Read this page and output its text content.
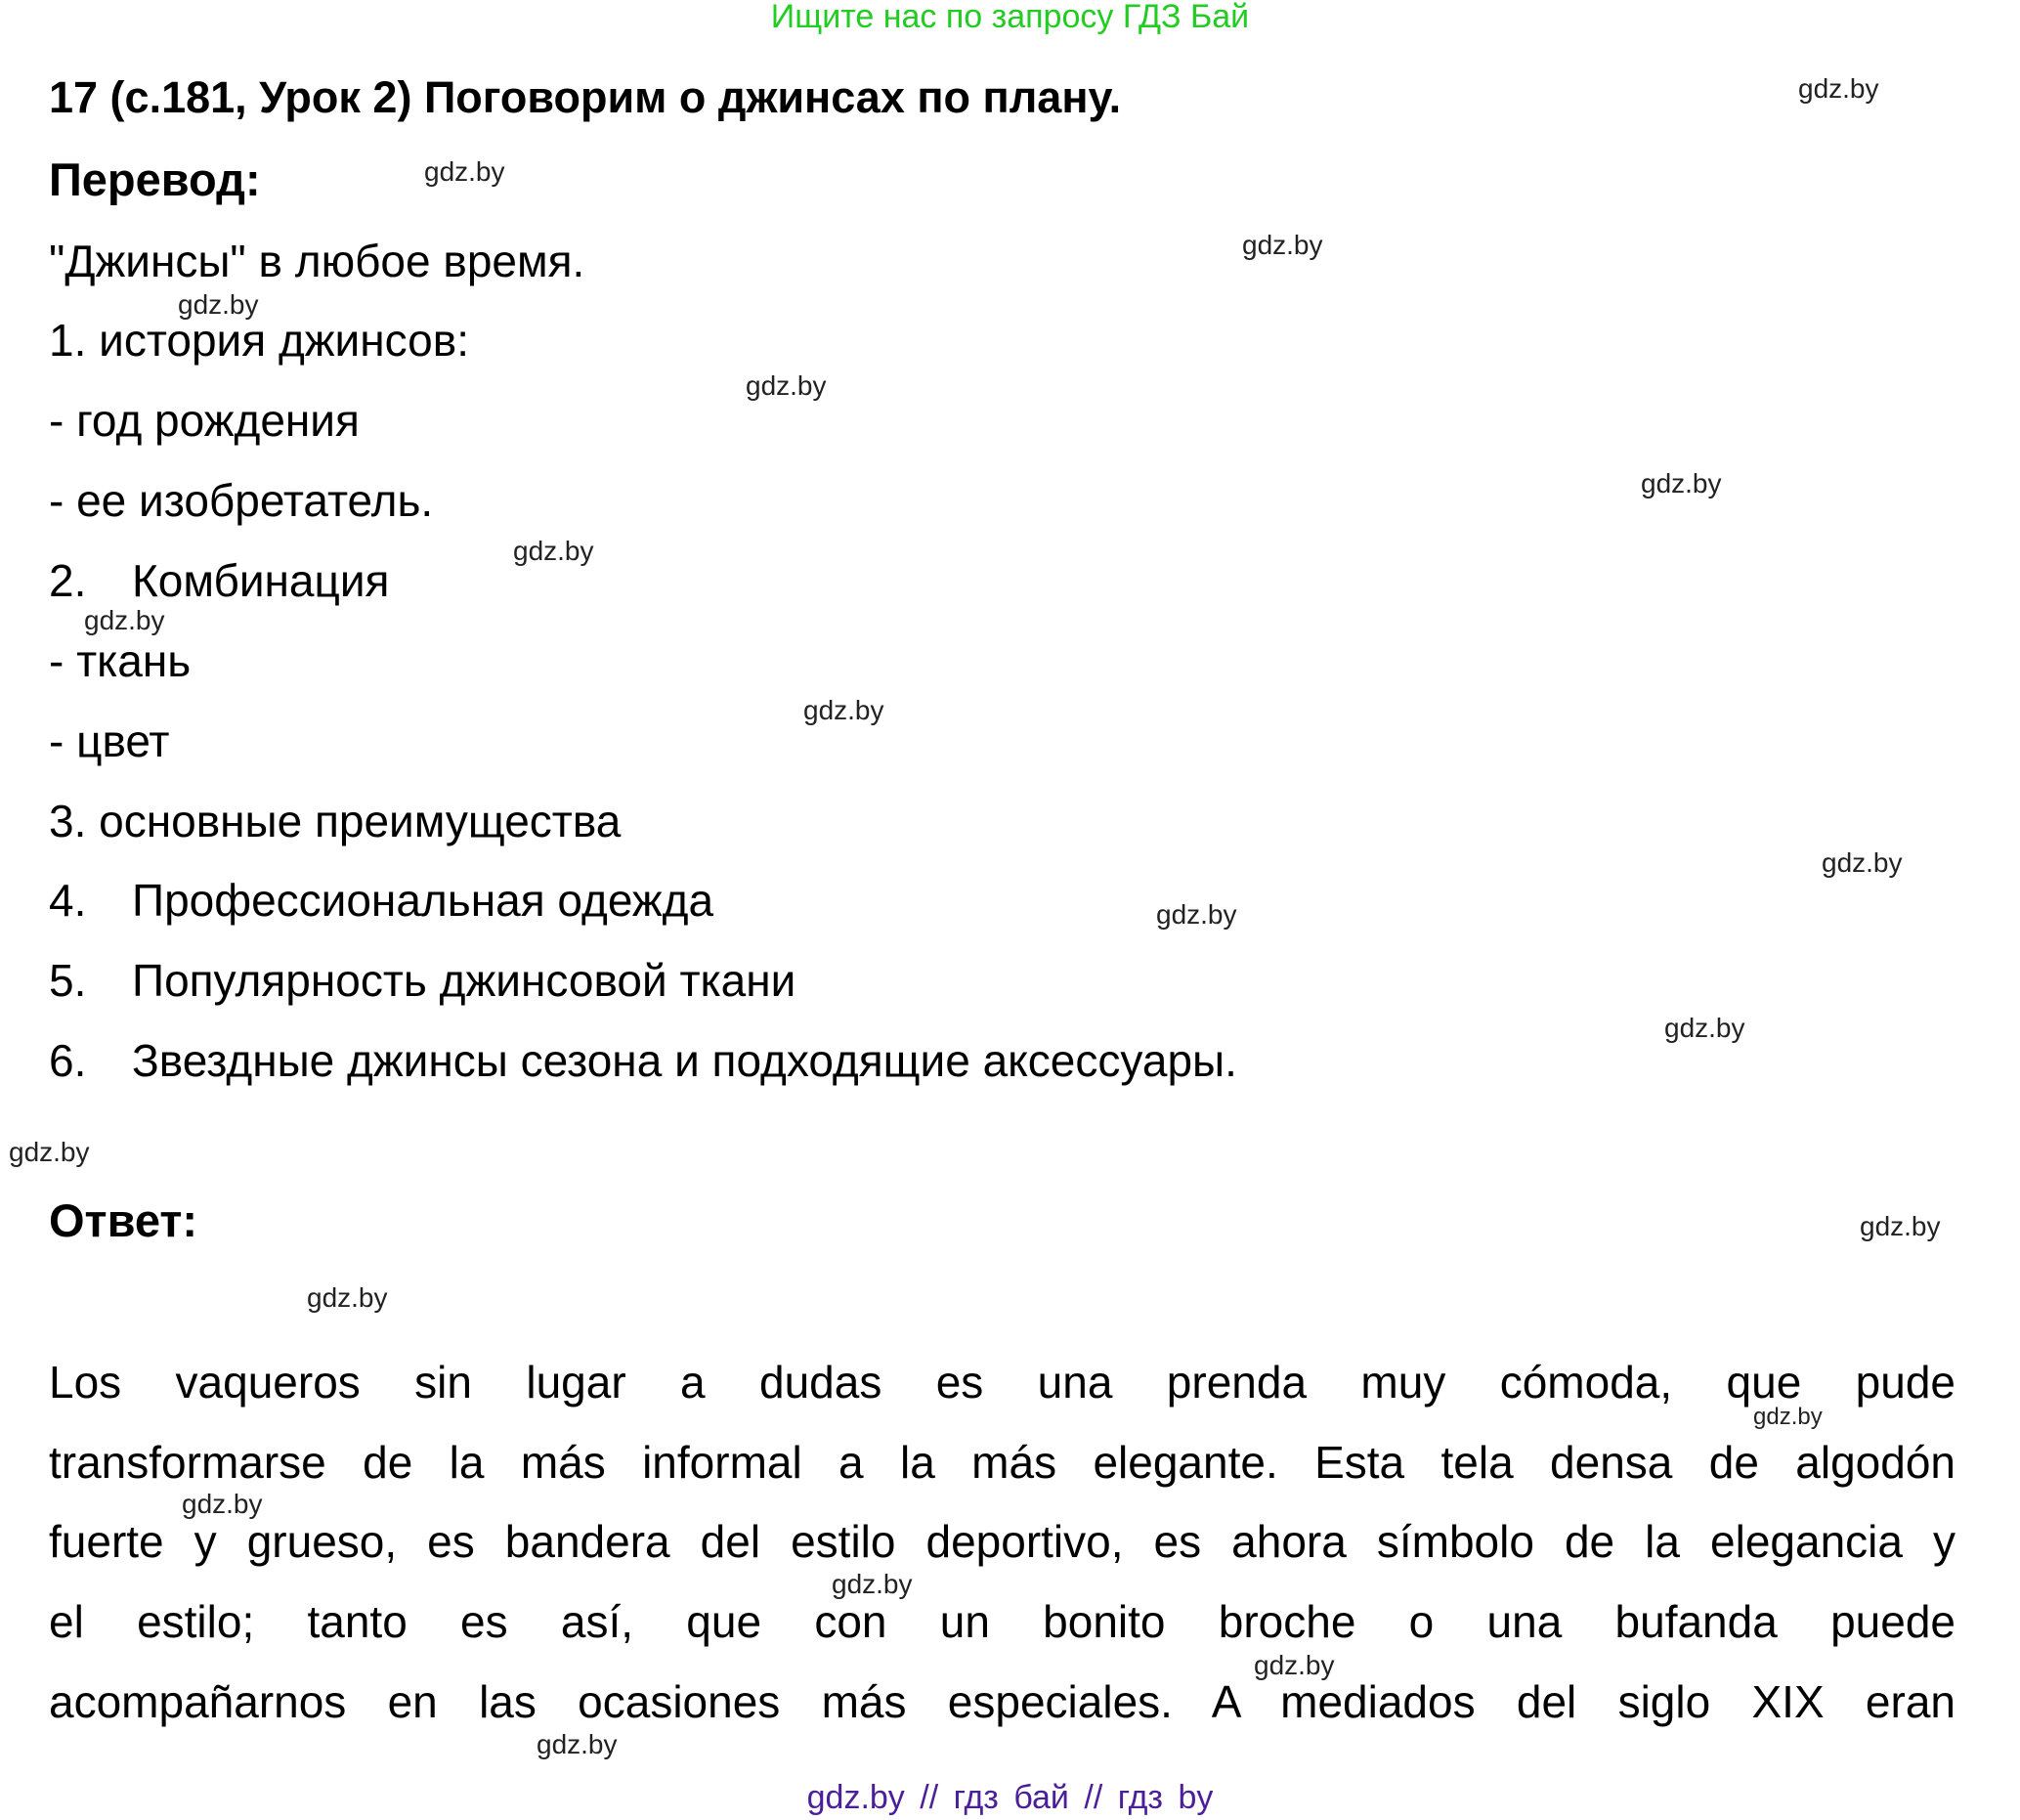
Ищите нас по запросу ГДЗ Бай
17 (с.181, Урок 2) Поговорим о джинсах по плану.
Перевод:
"Джинсы" в любое время.
1. история джинсов:
- год рождения
- ее изобретатель.
2. Комбинация
- ткань
- цвет
3. основные преимущества
4. Профессиональная одежда
5. Популярность джинсовой ткани
6. Звездные джинсы сезона и подходящие аксессуары.
Ответ:
Los vaqueros sin lugar a dudas es una prenda muy cómoda, que pude
transformarse de la más informal a la más elegante. Esta tela densa de algodón
fuerte y grueso, es bandera del estilo deportivo, es ahora símbolo de la elegancia y
el estilo; tanto es así, que con un bonito broche o una bufanda puede
acompañarnos en las ocasiones más especiales. A mediados del siglo XIX eran
gdz.by
gdz.by
gdz.by
gdz.by
gdz.by
gdz.by
gdz.by
gdz.by
gdz.by
gdz.by
gdz.by
gdz.by
gdz.by
gdz.by
gdz.by
gdz.by
gdz.by
gdz.by
gdz.by
gdz.by
gdz.by // гдз бай // гдз by
